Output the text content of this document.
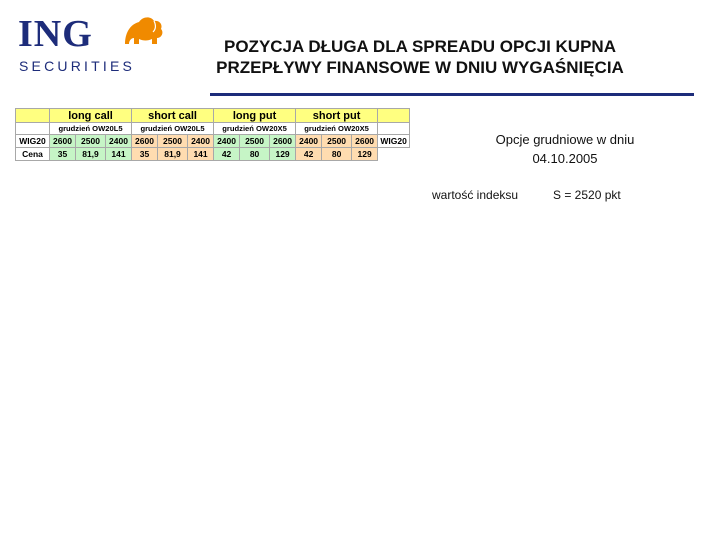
ING
SECURITIES
POZYCJA DŁUGA DLA SPREADU OPCJI KUPNA
PRZEPŁYWY FINANSOWE W DNIU WYGAŚNIĘCIA
	long call			short call			long put			short put			
	grudzień OW20L5			grudzień OW20L5			grudzień OW20X5			grudzień OW20X5			
WIG20	2600	2500	2400	2600	2500	2400	2400	2500	2600	2400	2500	2600	WIG20
Cena	35	81,9	141	35	81,9	141	42	80	129	42	80	129	
Opcje grudniowe w dniu
04.10.2005
wartość indeksu	S = 2520 pkt
